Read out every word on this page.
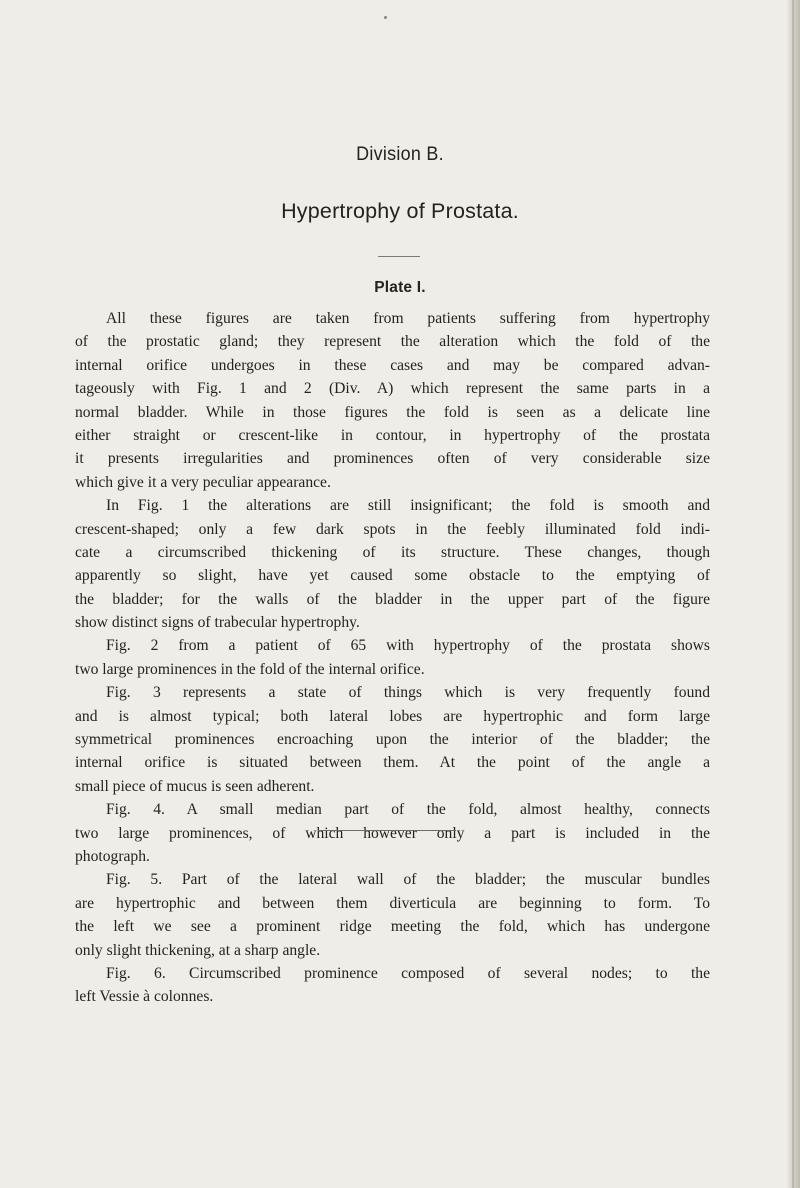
Division B.
Hypertrophy of Prostata.
Plate I.
All these figures are taken from patients suffering from hypertrophy
of the prostatic gland; they represent the alteration which the fold of the
internal orifice undergoes in these cases and may be compared advan-
tageously with Fig. 1 and 2 (Div. A) which represent the same parts in a
normal bladder. While in those figures the fold is seen as a delicate line
either straight or crescent-like in contour, in hypertrophy of the prostata
it presents irregularities and prominences often of very considerable size
which give it a very peculiar appearance.
In Fig. 1 the alterations are still insignificant; the fold is smooth and
crescent-shaped; only a few dark spots in the feebly illuminated fold indi-
cate a circumscribed thickening of its structure. These changes, though
apparently so slight, have yet caused some obstacle to the emptying of
the bladder; for the walls of the bladder in the upper part of the figure
show distinct signs of trabecular hypertrophy.
Fig. 2 from a patient of 65 with hypertrophy of the prostata shows
two large prominences in the fold of the internal orifice.
Fig. 3 represents a state of things which is very frequently found
and is almost typical; both lateral lobes are hypertrophic and form large
symmetrical prominences encroaching upon the interior of the bladder; the
internal orifice is situated between them. At the point of the angle a
small piece of mucus is seen adherent.
Fig. 4. A small median part of the fold, almost healthy, connects
two large prominences, of which however only a part is included in the
photograph.
Fig. 5. Part of the lateral wall of the bladder; the muscular bundles
are hypertrophic and between them diverticula are beginning to form. To
the left we see a prominent ridge meeting the fold, which has undergone
only slight thickening, at a sharp angle.
Fig. 6. Circumscribed prominence composed of several nodes; to the
left Vessie à colonnes.
